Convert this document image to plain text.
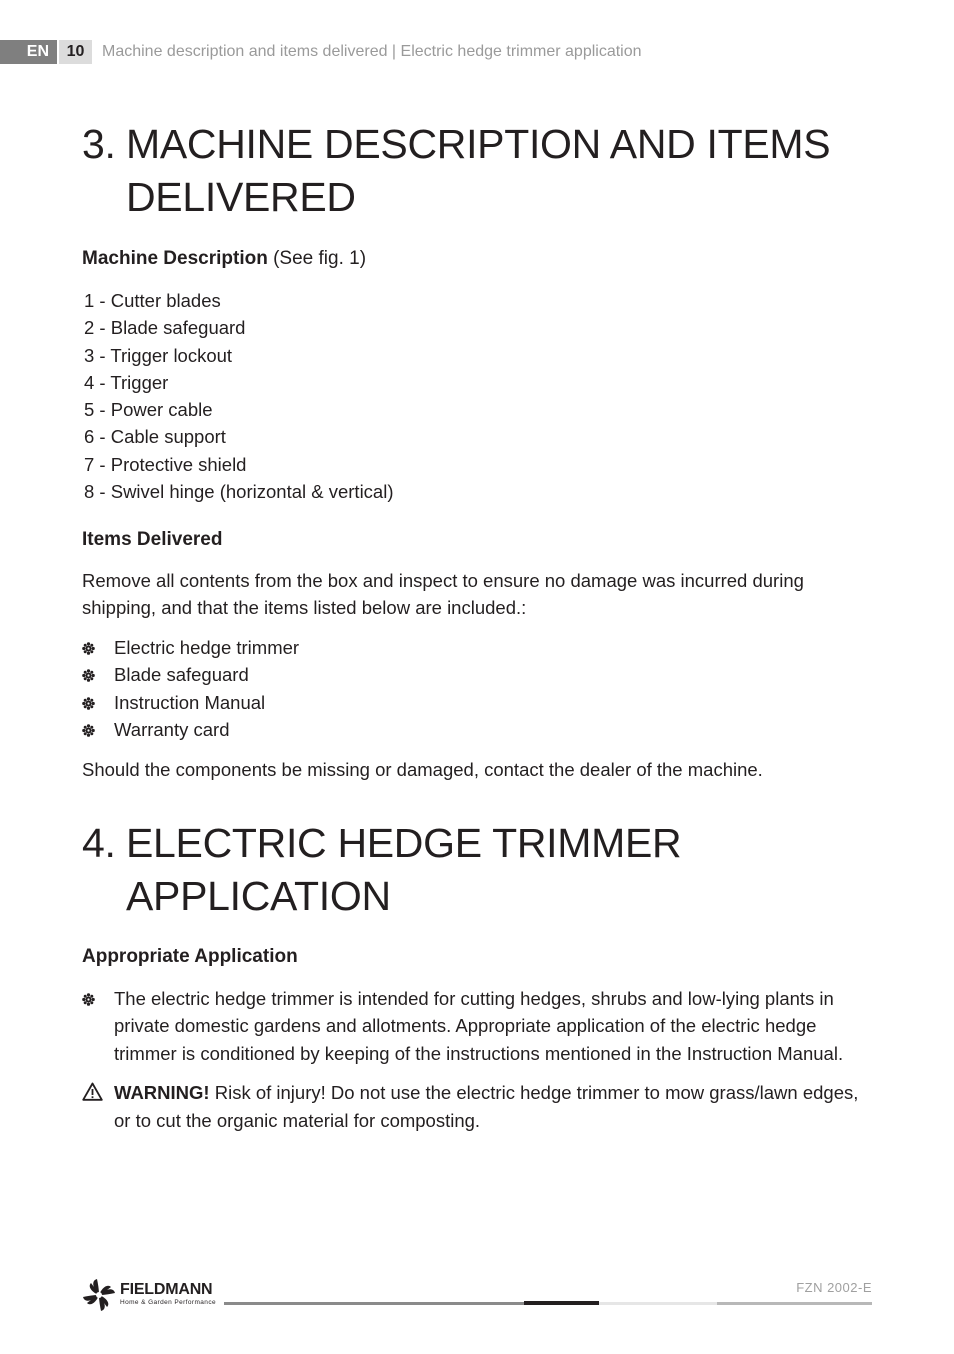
EN	10	Machine description and items delivered | Electric hedge trimmer application
3. MACHINE DESCRIPTION AND ITEMS
DELIVERED
Machine Description (See fig. 1)
1 - Cutter blades
2 - Blade safeguard
3 - Trigger lockout
4 - Trigger
5 - Power cable
6 - Cable support
7 - Protective shield
8 - Swivel hinge (horizontal & vertical)
Items Delivered

Remove all contents from the box and inspect to ensure no damage was incurred during shipping, and that the items listed below are included.:

Electric hedge trimmer
Blade safeguard
Instruction Manual
Warranty card

Should the components be missing or damaged, contact the dealer of the machine.

4. ELECTRIC HEDGE TRIMMER
APPLICATION
Appropriate Application
The electric hedge trimmer is intended for cutting hedges, shrubs and low-lying plants in private domestic gardens and allotments. Appropriate application of the electric hedge trimmer is conditioned by keeping of the instructions mentioned in the Instruction Manual.
WARNING! Risk of injury! Do not use the electric hedge trimmer to mow grass/lawn edges, or to cut the organic material for composting.
FIELDMANN
Home & Garden Performance
FZN 2002-E
